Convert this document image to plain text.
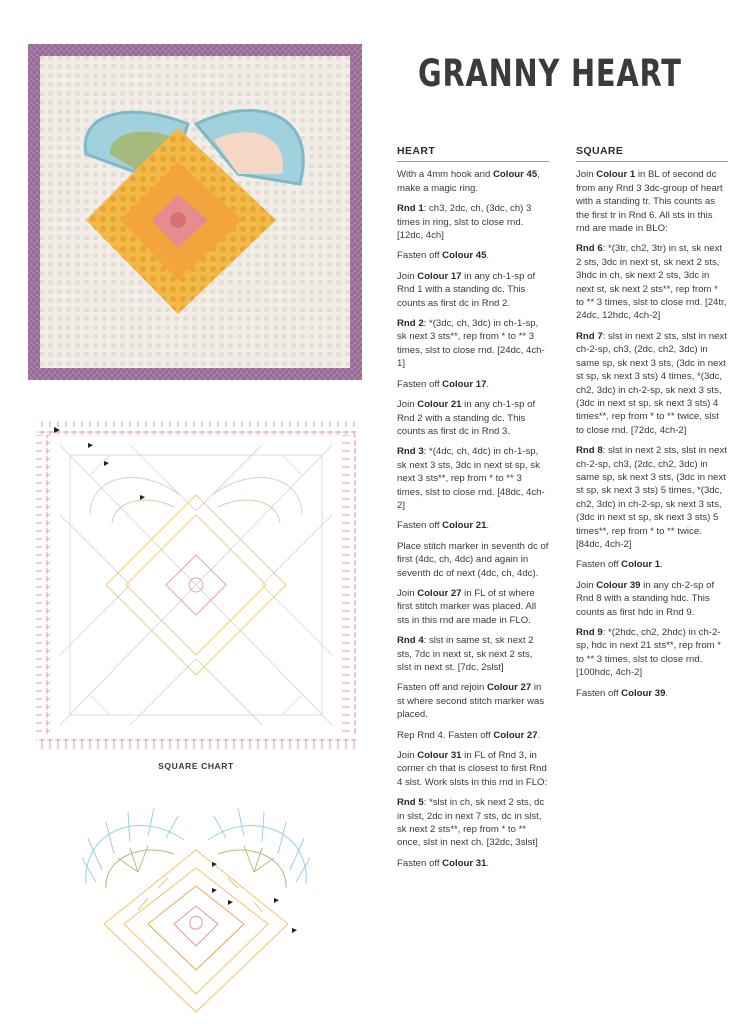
SQUARE CHART
GRANNY HEART
HEART

With a 4mm hook and Colour 45, make a magic ring.

Rnd 1: ch3, 2dc, ch, (3dc, ch) 3 times in ring, slst to close rnd. [12dc, 4ch]

Fasten off Colour 45.

Join Colour 17 in any ch-1-sp of Rnd 1 with a standing dc. This counts as first dc in Rnd 2.

Rnd 2: *(3dc, ch, 3dc) in ch-1-sp, sk next 3 sts**, rep from * to ** 3 times, slst to close rnd. [24dc, 4ch-1]

Fasten off Colour 17.

Join Colour 21 in any ch-1-sp of Rnd 2 with a standing dc. This counts as first dc in Rnd 3.

Rnd 3: *(4dc, ch, 4dc) in ch-1-sp, sk next 3 sts, 3dc in next st sp, sk next 3 sts**, rep from * to ** 3 times, slst to close rnd. [48dc, 4ch-2]

Fasten off Colour 21.

Place stitch marker in seventh dc of first (4dc, ch, 4dc) and again in seventh dc of next (4dc, ch, 4dc).

Join Colour 27 in FL of st where first stitch marker was placed. All sts in this rnd are made in FLO.

Rnd 4: slst in same st, sk next 2 sts, 7dc in next st, sk next 2 sts, slst in next st. [7dc, 2slst]

Fasten off and rejoin Colour 27 in st where second stitch marker was placed.

Rep Rnd 4. Fasten off Colour 27.

Join Colour 31 in FL of Rnd 3, in corner ch that is closest to first Rnd 4 slst. Work slsts in this rnd in FLO:

Rnd 5: *slst in ch, sk next 2 sts, dc in slst, 2dc in next 7 sts, dc in slst, sk next 2 sts**, rep from * to ** once, slst in next ch. [32dc, 3slst]

Fasten off Colour 31.

SQUARE

Join Colour 1 in BL of second dc from any Rnd 3 3dc-group of heart with a standing tr. This counts as the first tr in Rnd 6. All sts in this rnd are made in BLO:

Rnd 6: *(3tr, ch2, 3tr) in st, sk next 2 sts, 3dc in next st, sk next 2 sts, 3hdc in ch, sk next 2 sts, 3dc in next st, sk next 2 sts**, rep from * to ** 3 times, slst to close rnd. [24tr, 24dc, 12hdc, 4ch-2]

Rnd 7: slst in next 2 sts, slst in next ch-2-sp, ch3, (2dc, ch2, 3dc) in same sp, sk next 3 sts, (3dc in next st sp, sk next 3 sts) 4 times, *(3dc, ch2, 3dc) in ch-2-sp, sk next 3 sts, (3dc in next st sp, sk next 3 sts) 4 times**, rep from * to ** twice, slst to close rnd. [72dc, 4ch-2]

Rnd 8: slst in next 2 sts, slst in next ch-2-sp, ch3, (2dc, ch2, 3dc) in same sp, sk next 3 sts, (3dc in next st sp, sk next 3 sts) 5 times, *(3dc, ch2, 3dc) in ch-2-sp, sk next 3 sts, (3dc in next st sp, sk next 3 sts) 5 times**, rep from * to ** twice. [84dc, 4ch-2]

Fasten off Colour 1.

Join Colour 39 in any ch-2-sp of Rnd 8 with a standing hdc. This counts as first hdc in Rnd 9.

Rnd 9: *(2hdc, ch2, 2hdc) in ch-2-sp, hdc in next 21 sts**, rep from * to ** 3 times, slst to close rnd. [100hdc, 4ch-2]

Fasten off Colour 39.
